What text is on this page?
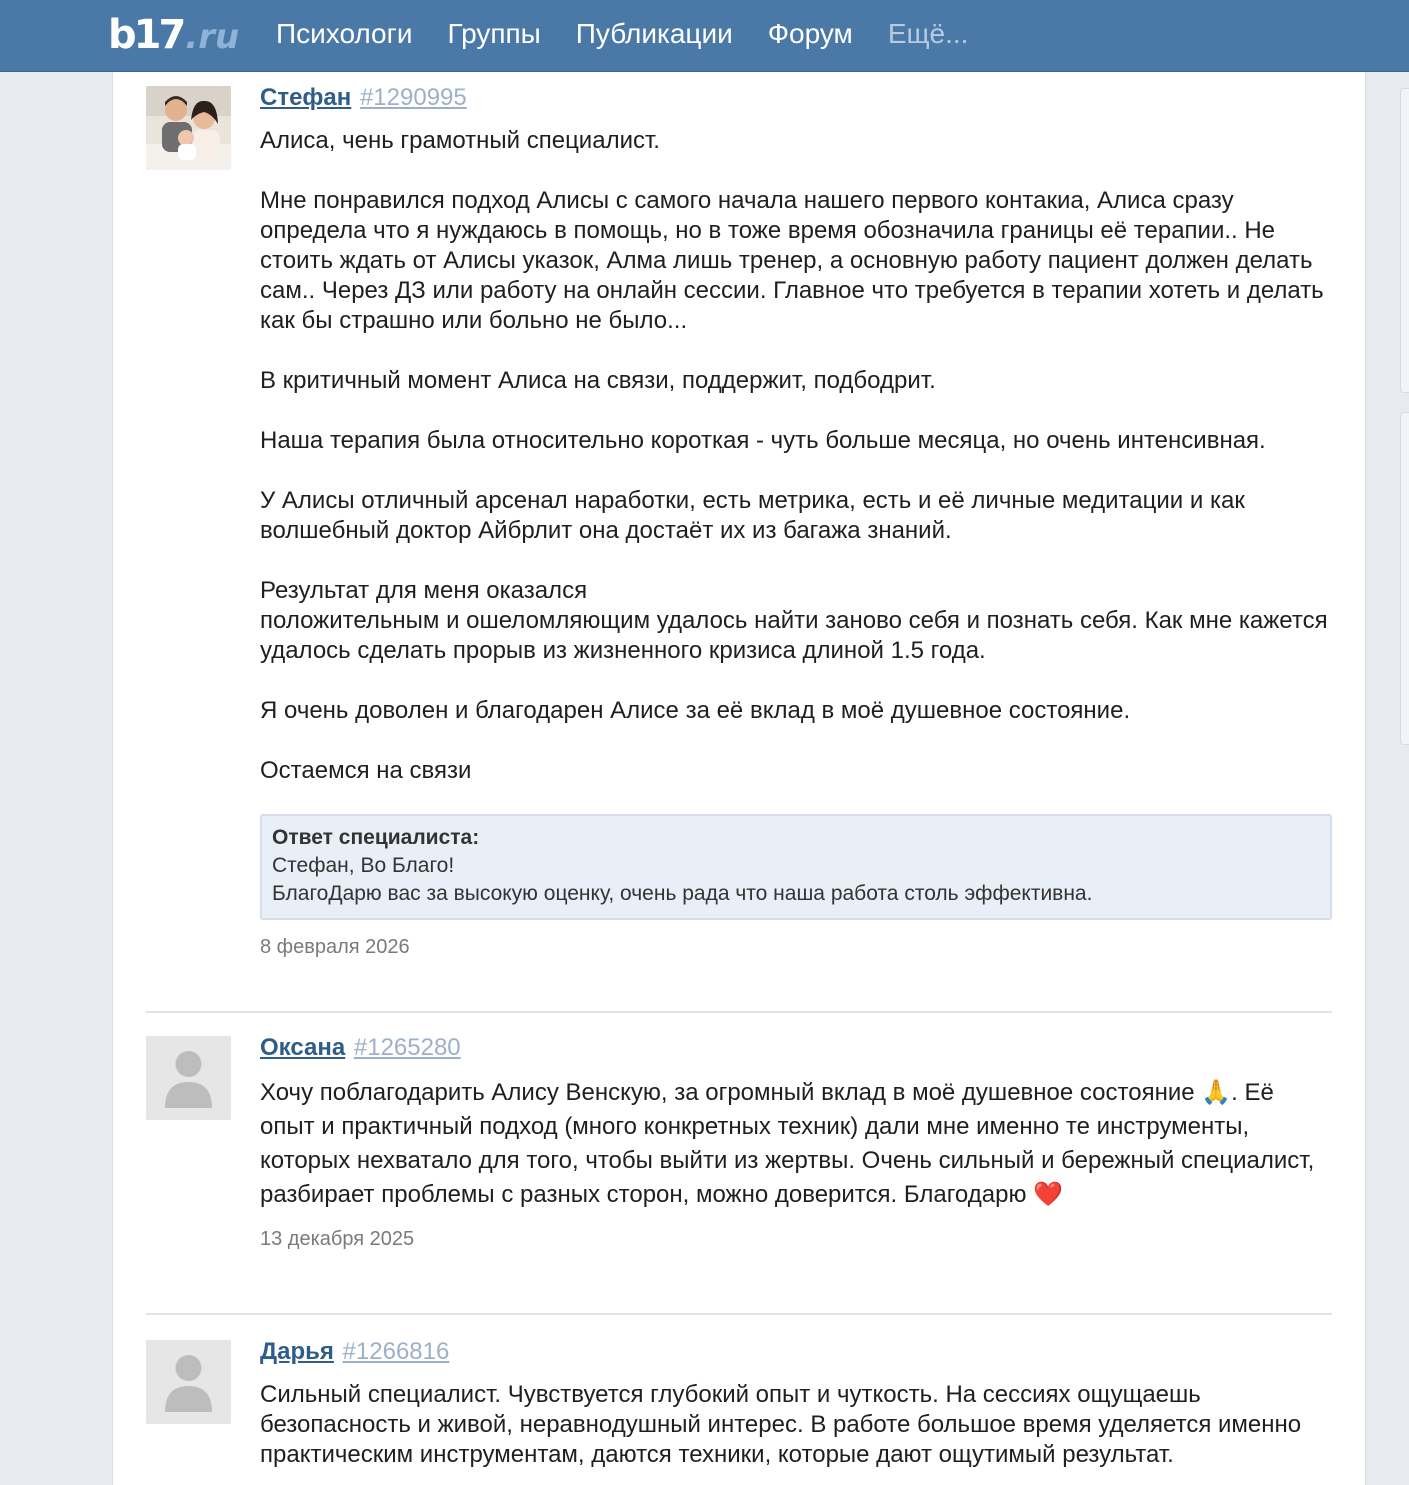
b17 .ru Психологи Группы Публикации Форум Ещё...
Стефан #1290995
Алиса, чень грамотный специалист.

Мне понравился подход Алисы с самого начала нашего первого контакиа, Алиса сразу определа что я нуждаюсь в помощь, но в тоже время обозначила границы её терапии.. Не стоить ждать от Алисы указок, Алма лишь тренер, а основную работу пациент должен делать сам.. Через ДЗ или работу на онлайн сессии. Главное что требуется в терапии хотеть и делать как бы страшно или больно не было...

В критичный момент Алиса на связи, поддержит, подбодрит.

Наша терапия была относительно короткая - чуть больше месяца, но очень интенсивная.

У Алисы отличный арсенал наработки, есть метрика, есть и её личные медитации и как волшебный доктор Айбрлит она достаёт их из багажа знаний.

Результат для меня оказался
положительным и ошеломляющим удалось найти заново себя и познать себя. Как мне кажется удалось сделать прорыв из жизненного кризиса длиной 1.5 года.

Я очень доволен и благодарен Алисе за её вклад в моё душевное состояние.

Остаемся на связи
Ответ специалиста:
Стефан, Во Благо!
БлагоДарю вас за высокую оценку, очень рада что наша работа столь эффективна.
8 февраля 2026
Оксана #1265280
Хочу поблагодарить Алису Венскую, за огромный вклад в моё душевное состояние 🙏. Её опыт и практичный подход (много конкретных техник) дали мне именно те инструменты, которых нехватало для того, чтобы выйти из жертвы. Очень сильный и бережный специалист, разбирает проблемы с разных сторон, можно доверится. Благодарю ❤️
13 декабря 2025
Дарья #1266816
Сильный специалист. Чувствуется глубокий опыт и чуткость. На сессиях ощущаешь безопасность и живой, неравнодушный интерес. В работе большое время уделяется именно практическим инструментам, даются техники, которые дают ощутимый результат.
